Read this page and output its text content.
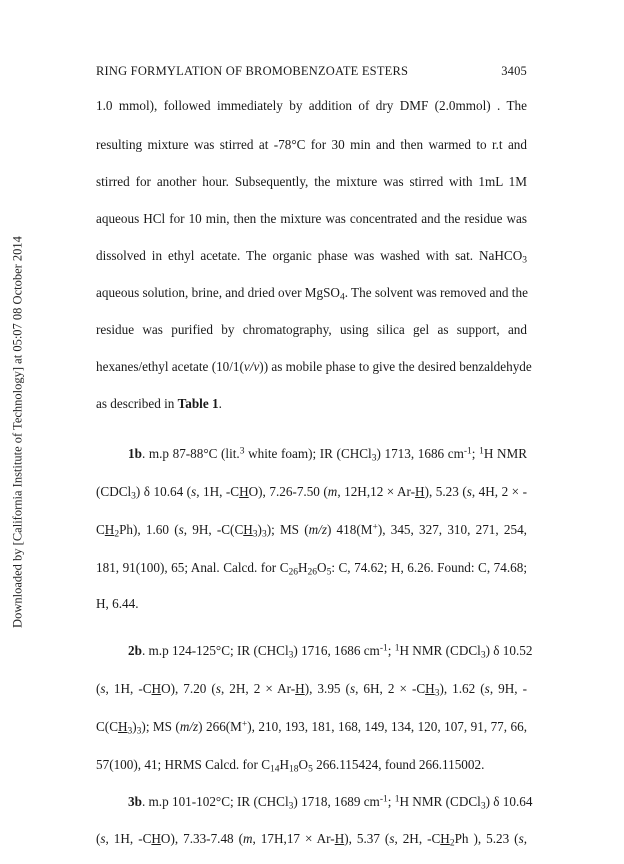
Downloaded by [California Institute of Technology] at 05:07 08 October 2014
RING FORMYLATION OF BROMOBENZOATE ESTERS	3405
1.0 mmol), followed immediately by addition of dry DMF (2.0mmol) . The
resulting mixture was stirred at -78°C for 30 min and then warmed to r.t and
stirred for another hour. Subsequently, the mixture was stirred with 1mL 1M
aqueous HCl for 10 min, then the mixture was concentrated and the residue was
dissolved in ethyl acetate. The organic phase was washed with sat. NaHCO$_3$
aqueous solution, brine, and dried over MgSO$_4$. The solvent was removed and the
residue was purified by chromatography, using silica gel as support, and
hexanes/ethyl acetate (10/1(v/v)) as mobile phase to give the desired benzaldehyde
as described in Table 1.
1b. m.p 87-88°C (lit.$^3$ white foam); IR (CHCl$_3$) 1713, 1686 $cm^{-1}$; $^1$H NMR
(CDCl$_3$) δ 10.64 (s, 1H, -CHO), 7.26-7.50 (m, 12H,12 × Ar-H), 5.23 (s, 4H, 2 × -
$CH_2Ph$), 1.60 (s, 9H, $-C(CH_3)_3$); MS (m/z) 418(M+), 345, 327, 310, 271, 254,
181, 91(100), 65; Anal. Calcd. for $C_{26}H_{26}O_5$: C, 74.62; H, 6.26. Found: C, 74.68;
H, 6.44.
2b. m.p 124-125°C; IR (CHCl$_3$) 1716, 1686 $cm^{-1}$; $^1$H NMR (CDCl$_3$) δ 10.52
(s, 1H, -CHO), 7.20 (s, 2H, 2 × Ar-H), 3.95 (s, 6H, $2 \times -CH_3$), 1.62 (s, 9H, -
$C(CH_3)_3$); MS (m/z) 266(M+), 210, 193, 181, 168, 149, 134, 120, 107, 91, 77, 66,
57(100), 41; HRMS Calcd. for $C_{14}H_{18}O_5$ 266.115424, found 266.115002.
3b. m.p 101-102°C; IR (CHCl$_3$) 1718, 1689 $cm^{-1}$; $^1$H NMR (CDCl$_3$) δ 10.64
(s, 1H, -CHO), 7.33-7.48 (m, 17H,17 × Ar-H), 5.37 (s, 2H, $-CH_2Ph$ ), 5.23 (s,
